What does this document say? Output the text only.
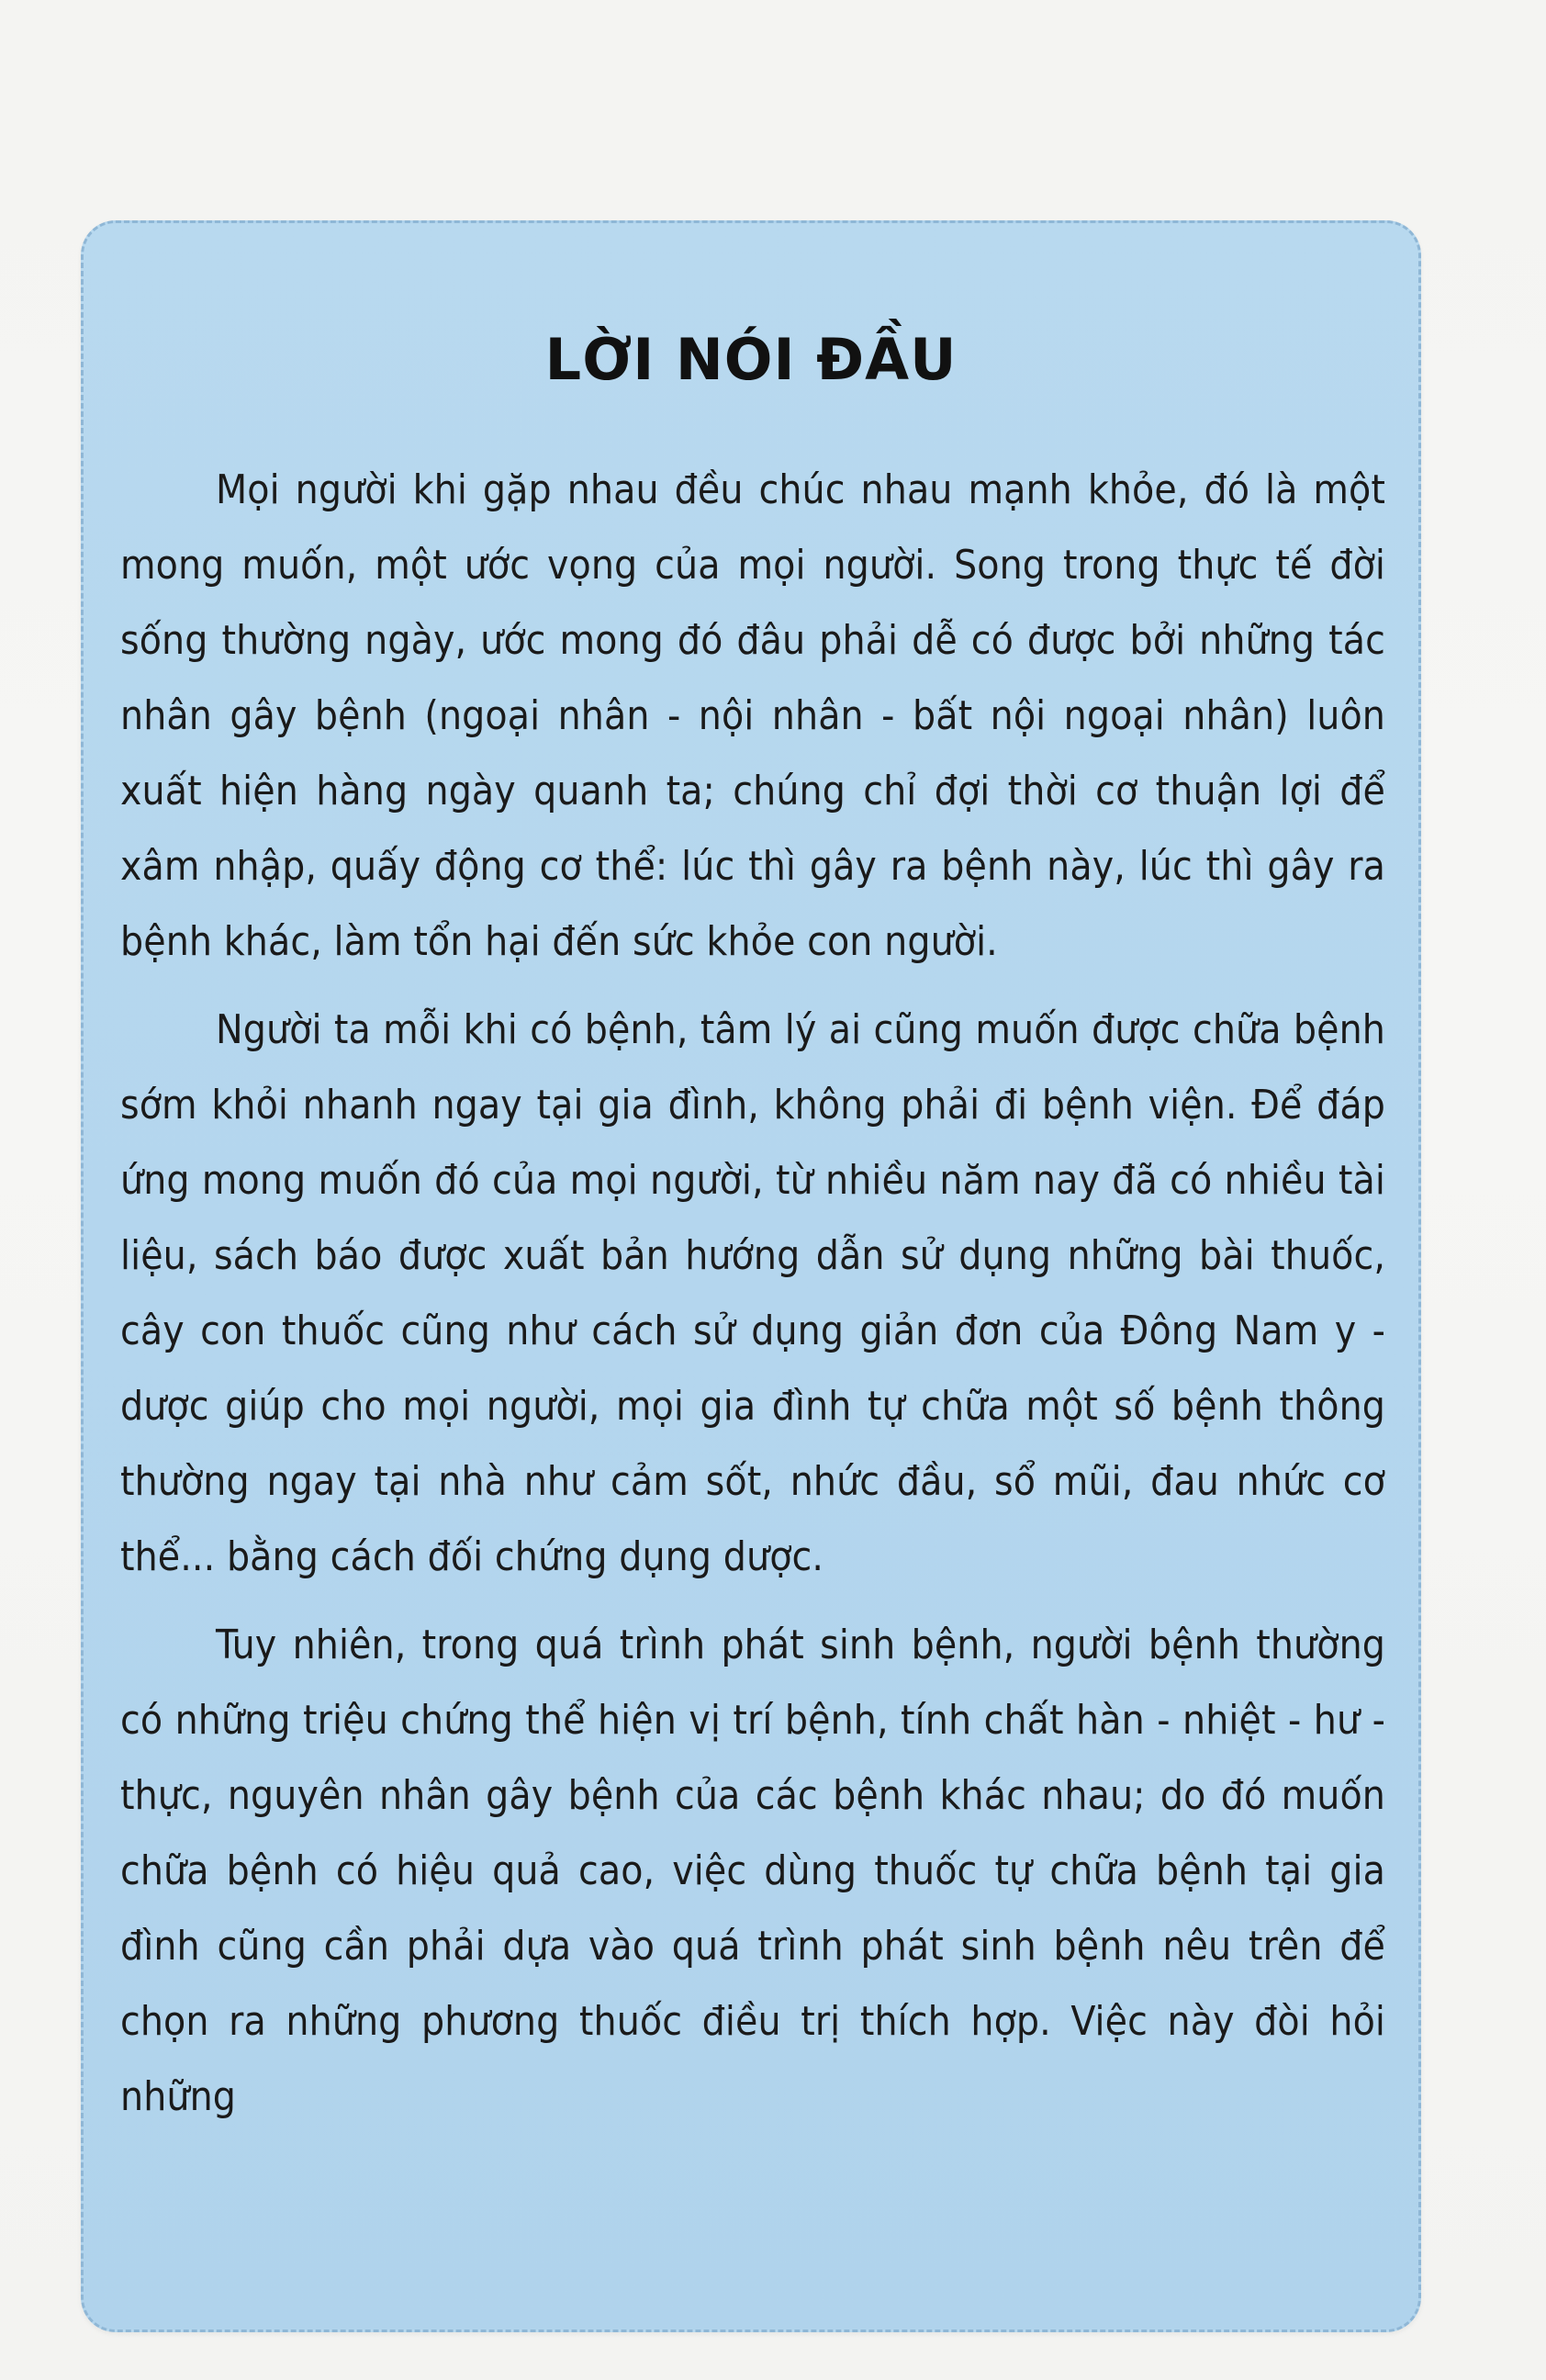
LỜI NÓI ĐẦU

Mọi người khi gặp nhau đều chúc nhau mạnh khỏe, đó là một mong muốn, một ước vọng của mọi người. Song trong thực tế đời sống thường ngày, ước mong đó đâu phải dễ có được bởi những tác nhân gây bệnh (ngoại nhân - nội nhân - bất nội ngoại nhân) luôn xuất hiện hàng ngày quanh ta; chúng chỉ đợi thời cơ thuận lợi để xâm nhập, quấy động cơ thể: lúc thì gây ra bệnh này, lúc thì gây ra bệnh khác, làm tổn hại đến sức khỏe con người.

Người ta mỗi khi có bệnh, tâm lý ai cũng muốn được chữa bệnh sớm khỏi nhanh ngay tại gia đình, không phải đi bệnh viện. Để đáp ứng mong muốn đó của mọi người, từ nhiều năm nay đã có nhiều tài liệu, sách báo được xuất bản hướng dẫn sử dụng những bài thuốc, cây con thuốc cũng như cách sử dụng giản đơn của Đông Nam y - dược giúp cho mọi người, mọi gia đình tự chữa một số bệnh thông thường ngay tại nhà như cảm sốt, nhức đầu, sổ mũi, đau nhức cơ thể... bằng cách đối chứng dụng dược.

Tuy nhiên, trong quá trình phát sinh bệnh, người bệnh thường có những triệu chứng thể hiện vị trí bệnh, tính chất hàn - nhiệt - hư - thực, nguyên nhân gây bệnh của các bệnh khác nhau; do đó muốn chữa bệnh có hiệu quả cao, việc dùng thuốc tự chữa bệnh tại gia đình cũng cần phải dựa vào quá trình phát sinh bệnh nêu trên để chọn ra những phương thuốc điều trị thích hợp. Việc này đòi hỏi những
